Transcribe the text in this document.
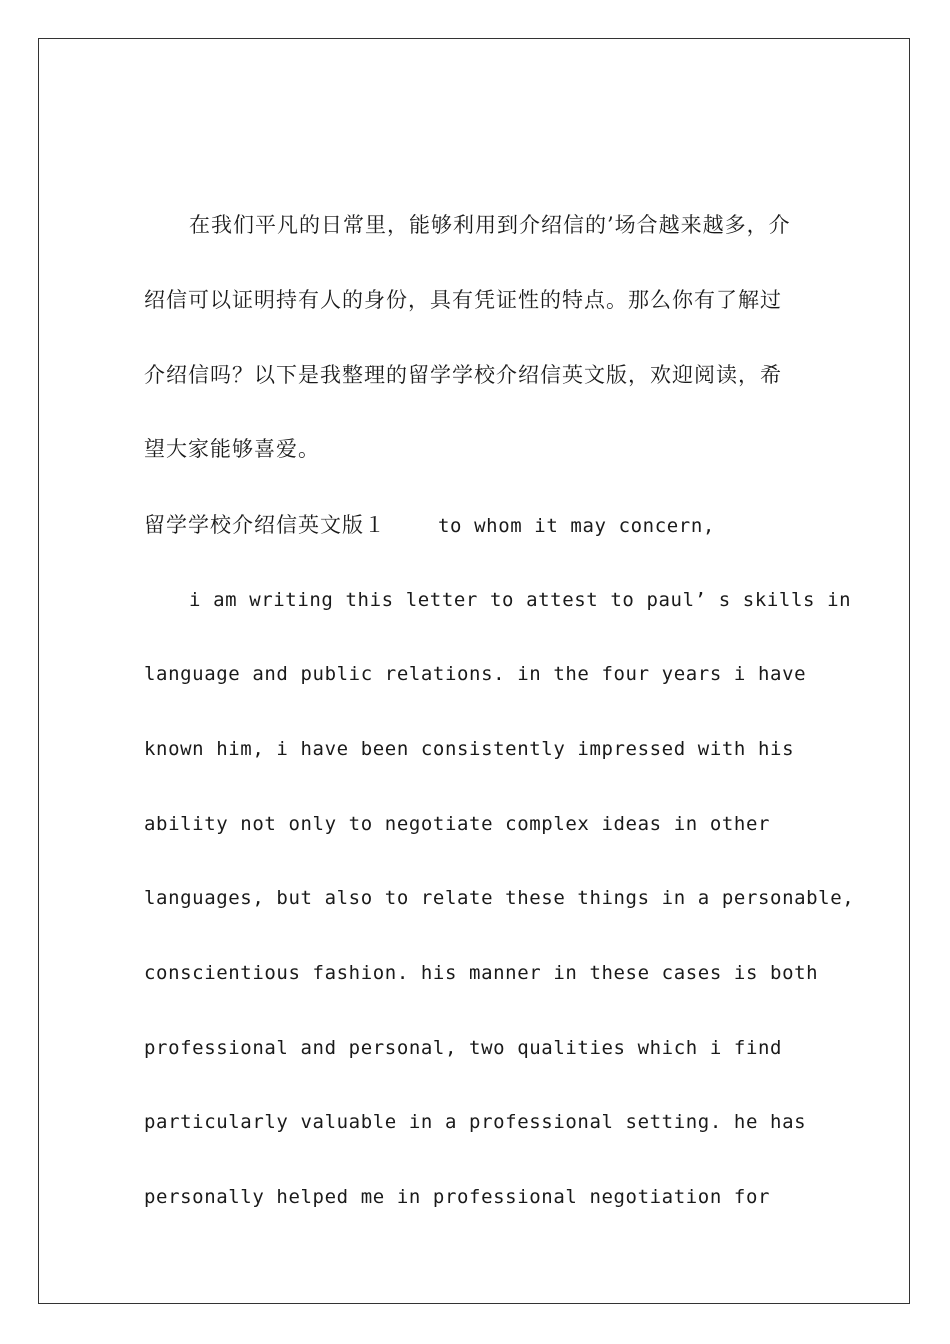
在我们平凡的日常里，能够利用到介绍信的’场合越来越多，介
绍信可以证明持有人的身份，具有凭证性的特点。那么你有了解过
介绍信吗？以下是我整理的留学学校介绍信英文版，欢迎阅读，希
望大家能够喜爱。
留学学校介绍信英文版１	to whom it may concern,
i am writing this letter to attest to paul’ s skills in
language and public relations. in the four years i have
known him, i have been consistently impressed with his
ability not only to negotiate complex ideas in other
languages, but also to relate these things in a personable,
conscientious fashion. his manner in these cases is both
professional and personal, two qualities which i find
particularly valuable in a professional setting. he has
personally helped me in professional negotiation for
